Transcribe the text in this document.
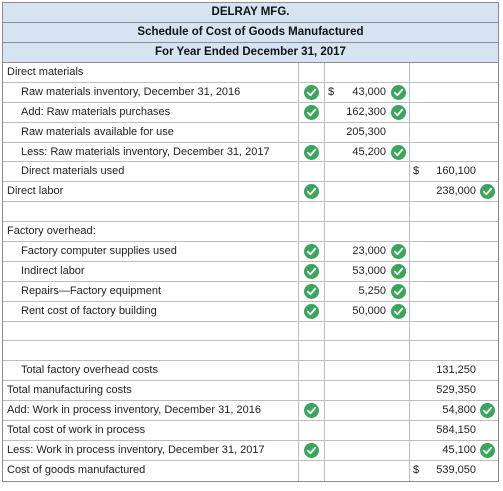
DELRAY MFG.
Schedule of Cost of Goods Manufactured
For Year Ended December 31, 2017
Direct materials
Raw materials inventory, December 31, 2016	$ 43,000
Add: Raw materials purchases	162,300
Raw materials available for use	205,300
Less: Raw materials inventory, December 31, 2017	45,200
Direct materials used	$ 160,100
Direct labor	238,000
Factory overhead:
Factory computer supplies used	23,000
Indirect labor	53,000
Repairs—Factory equipment	5,250
Rent cost of factory building	50,000
Total factory overhead costs	131,250
Total manufacturing costs	529,350
Add: Work in process inventory, December 31, 2016	54,800
Total cost of work in process	584,150
Less: Work in process inventory, December 31, 2017	45,100
Cost of goods manufactured	$ 539,050
